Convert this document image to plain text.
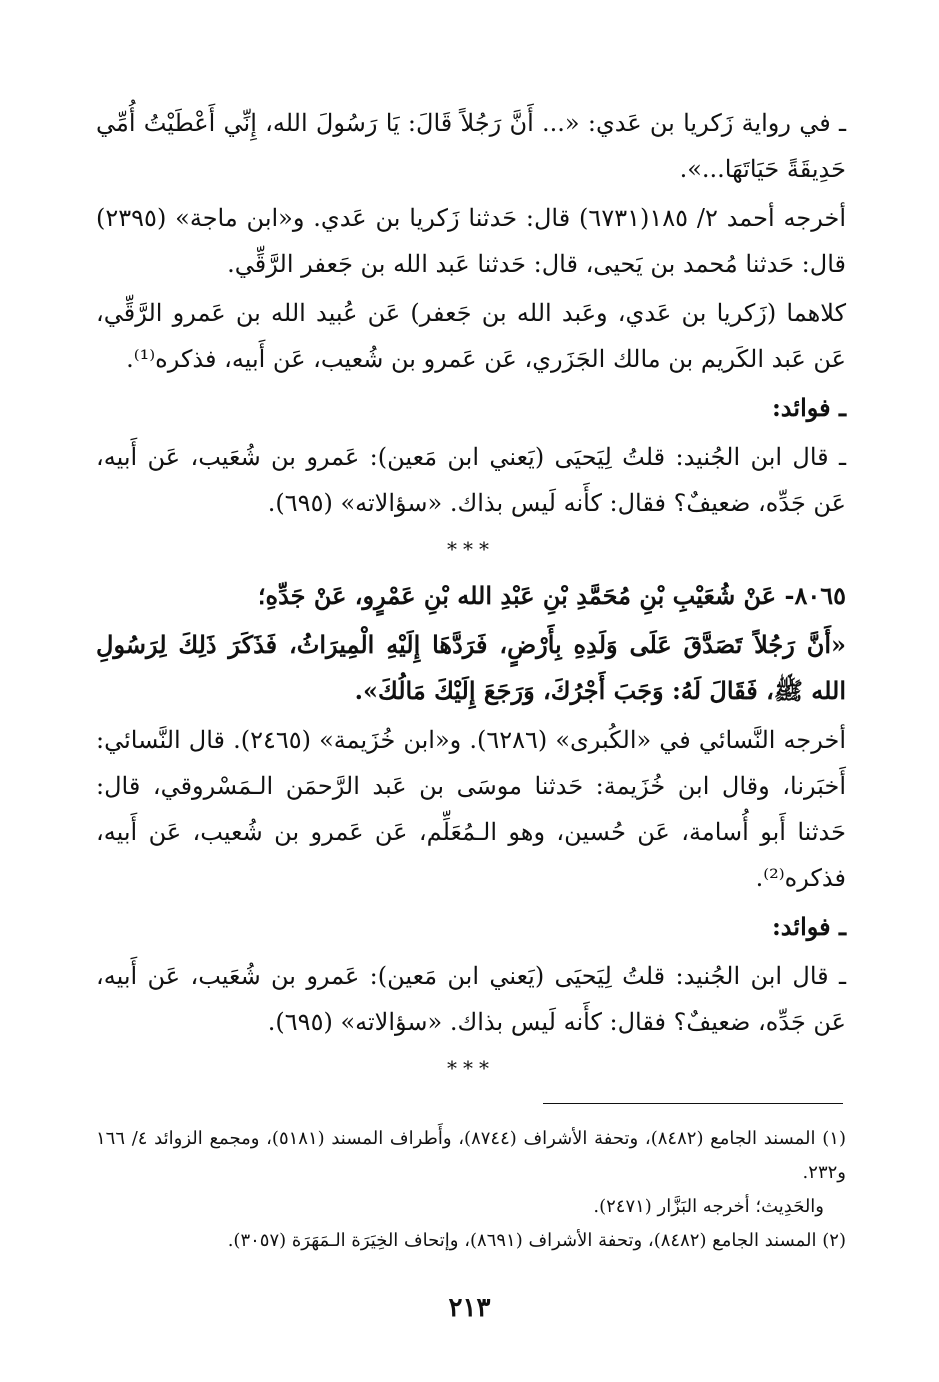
ـ في رواية زَكريا بن عَدي: «... أَنَّ رَجُلاً قَالَ: يَا رَسُولَ الله، إِنِّي أَعْطَيْتُ أُمِّي حَدِيقَةً حَيَاتَهَا...».

أخرجه أحمد ٢/ ١٨٥(٦٧٣١) قال: حَدثنا زَكريا بن عَدي. و«ابن ماجة» (٢٣٩٥) قال: حَدثنا مُحمد بن يَحيى، قال: حَدثنا عَبد الله بن جَعفر الرَّقِّي.

كلاهما (زَكريا بن عَدي، وعَبد الله بن جَعفر) عَن عُبيد الله بن عَمرو الرَّقِّي، عَن عَبد الكَريم بن مالك الجَزَري، عَن عَمرو بن شُعيب، عَن أَبيه، فذكره⁽¹⁾.

ـ فوائد:

ـ قال ابن الجُنيد: قلتُ لِيَحيَى (يَعني ابن مَعين): عَمرو بن شُعَيب، عَن أَبيه، عَن جَدِّه، ضعيفٌ؟ فقال: كأَنه لَيس بذاك. «سؤالاته» (٦٩٥).

***

٨٠٦٥- عَنْ شُعَيْبِ بْنِ مُحَمَّدِ بْنِ عَبْدِ الله بْنِ عَمْرٍو، عَنْ جَدِّهِ؛

«أَنَّ رَجُلاً تَصَدَّقَ عَلَى وَلَدِهِ بِأَرْضٍ، فَرَدَّهَا إِلَيْهِ الْمِيرَاثُ، فَذَكَرَ ذَلِكَ لِرَسُولِ الله ﷺ، فَقَالَ لَهُ: وَجَبَ أَجْرُكَ، وَرَجَعَ إِلَيْكَ مَالُكَ».

أخرجه النَّسائي في «الكُبرى» (٦٢٨٦). و«ابن خُزَيمة» (٢٤٦٥). قال النَّسائي: أَخبَرنا، وقال ابن خُزَيمة: حَدثنا موسَى بن عَبد الرَّحمَن الـمَسْروقي، قال: حَدثنا أَبو أُسامة، عَن حُسين، وهو الـمُعَلِّم، عَن عَمرو بن شُعيب، عَن أَبيه، فذكره⁽²⁾.

ـ فوائد:

ـ قال ابن الجُنيد: قلتُ لِيَحيَى (يَعني ابن مَعين): عَمرو بن شُعَيب، عَن أَبيه، عَن جَدِّه، ضعيفٌ؟ فقال: كأَنه لَيس بذاك. «سؤالاته» (٦٩٥).

***

(١) المسند الجامع (٨٤٨٢)، وتحفة الأشراف (٨٧٤٤)، وأَطراف المسند (٥١٨١)، ومجمع الزوائد ٤/ ١٦٦ و٢٣٢.

والحَدِيث؛ أخرجه البَزَّار (٢٤٧١).

(٢) المسند الجامع (٨٤٨٢)، وتحفة الأشراف (٨٦٩١)، وإتحاف الخِيَرَة الـمَهَرَة (٣٠٥٧).

٢١٣
